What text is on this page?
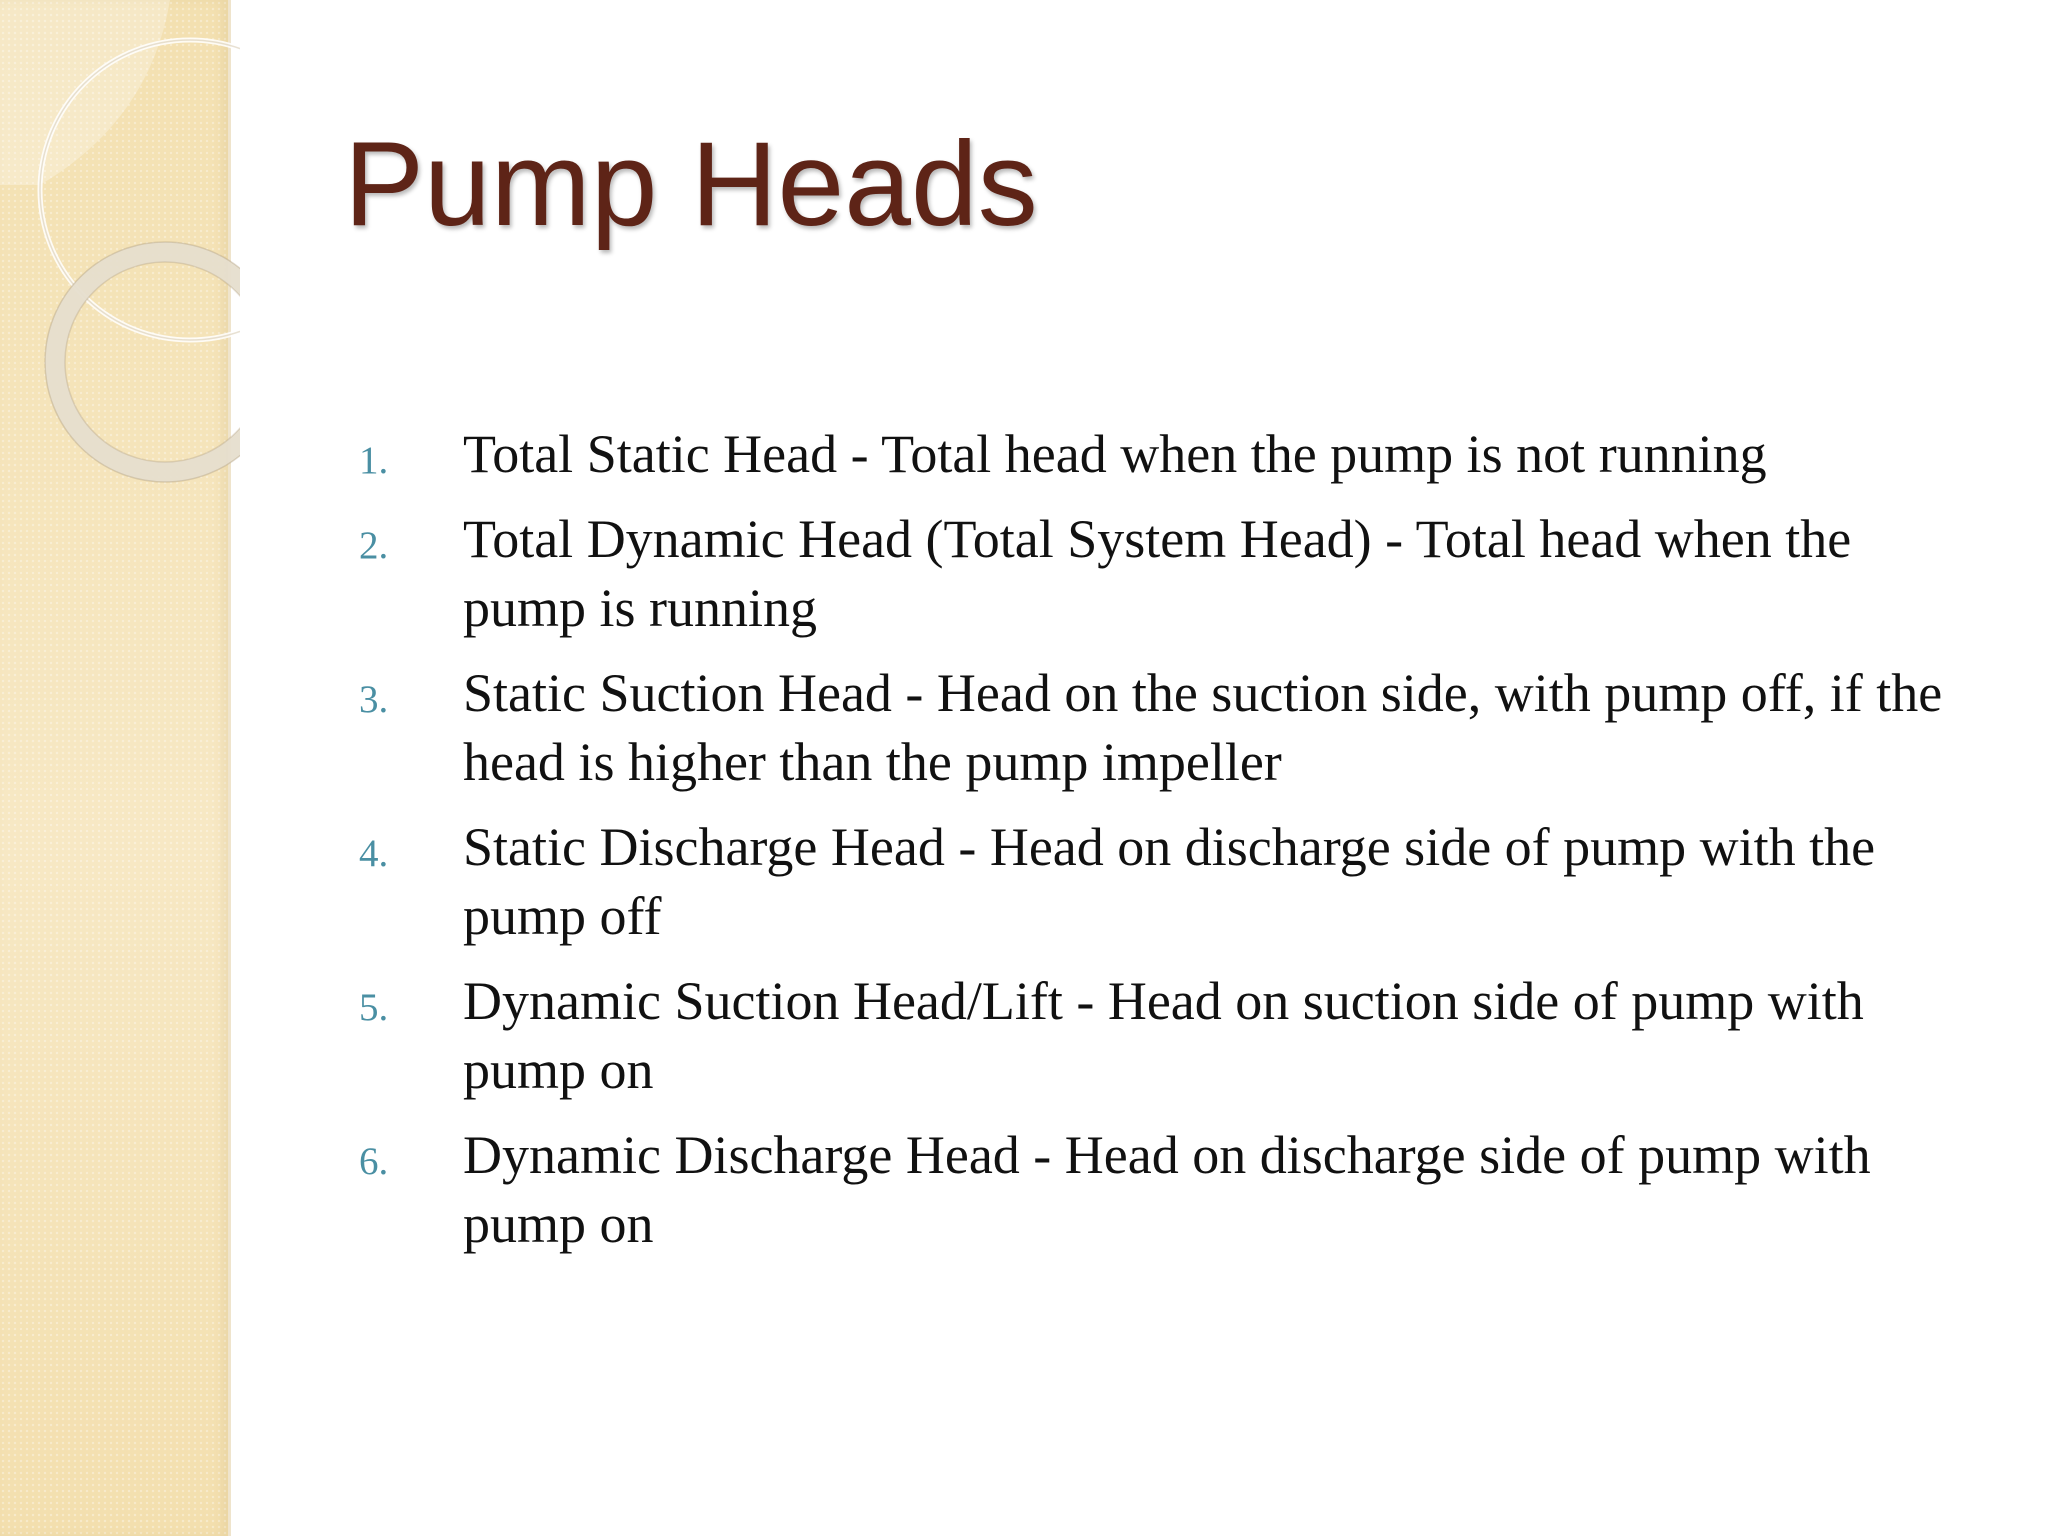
Pump Heads
1. Total Static Head - Total head when the pump is not running
2. Total Dynamic Head (Total System Head) - Total head when the pump is running
3. Static Suction Head - Head on the suction side, with pump off, if the head is higher than the pump impeller
4. Static Discharge Head - Head on discharge side of pump with the pump off
5. Dynamic Suction Head/Lift - Head on suction side of pump with pump on
6. Dynamic Discharge Head - Head on discharge side of pump with pump on
